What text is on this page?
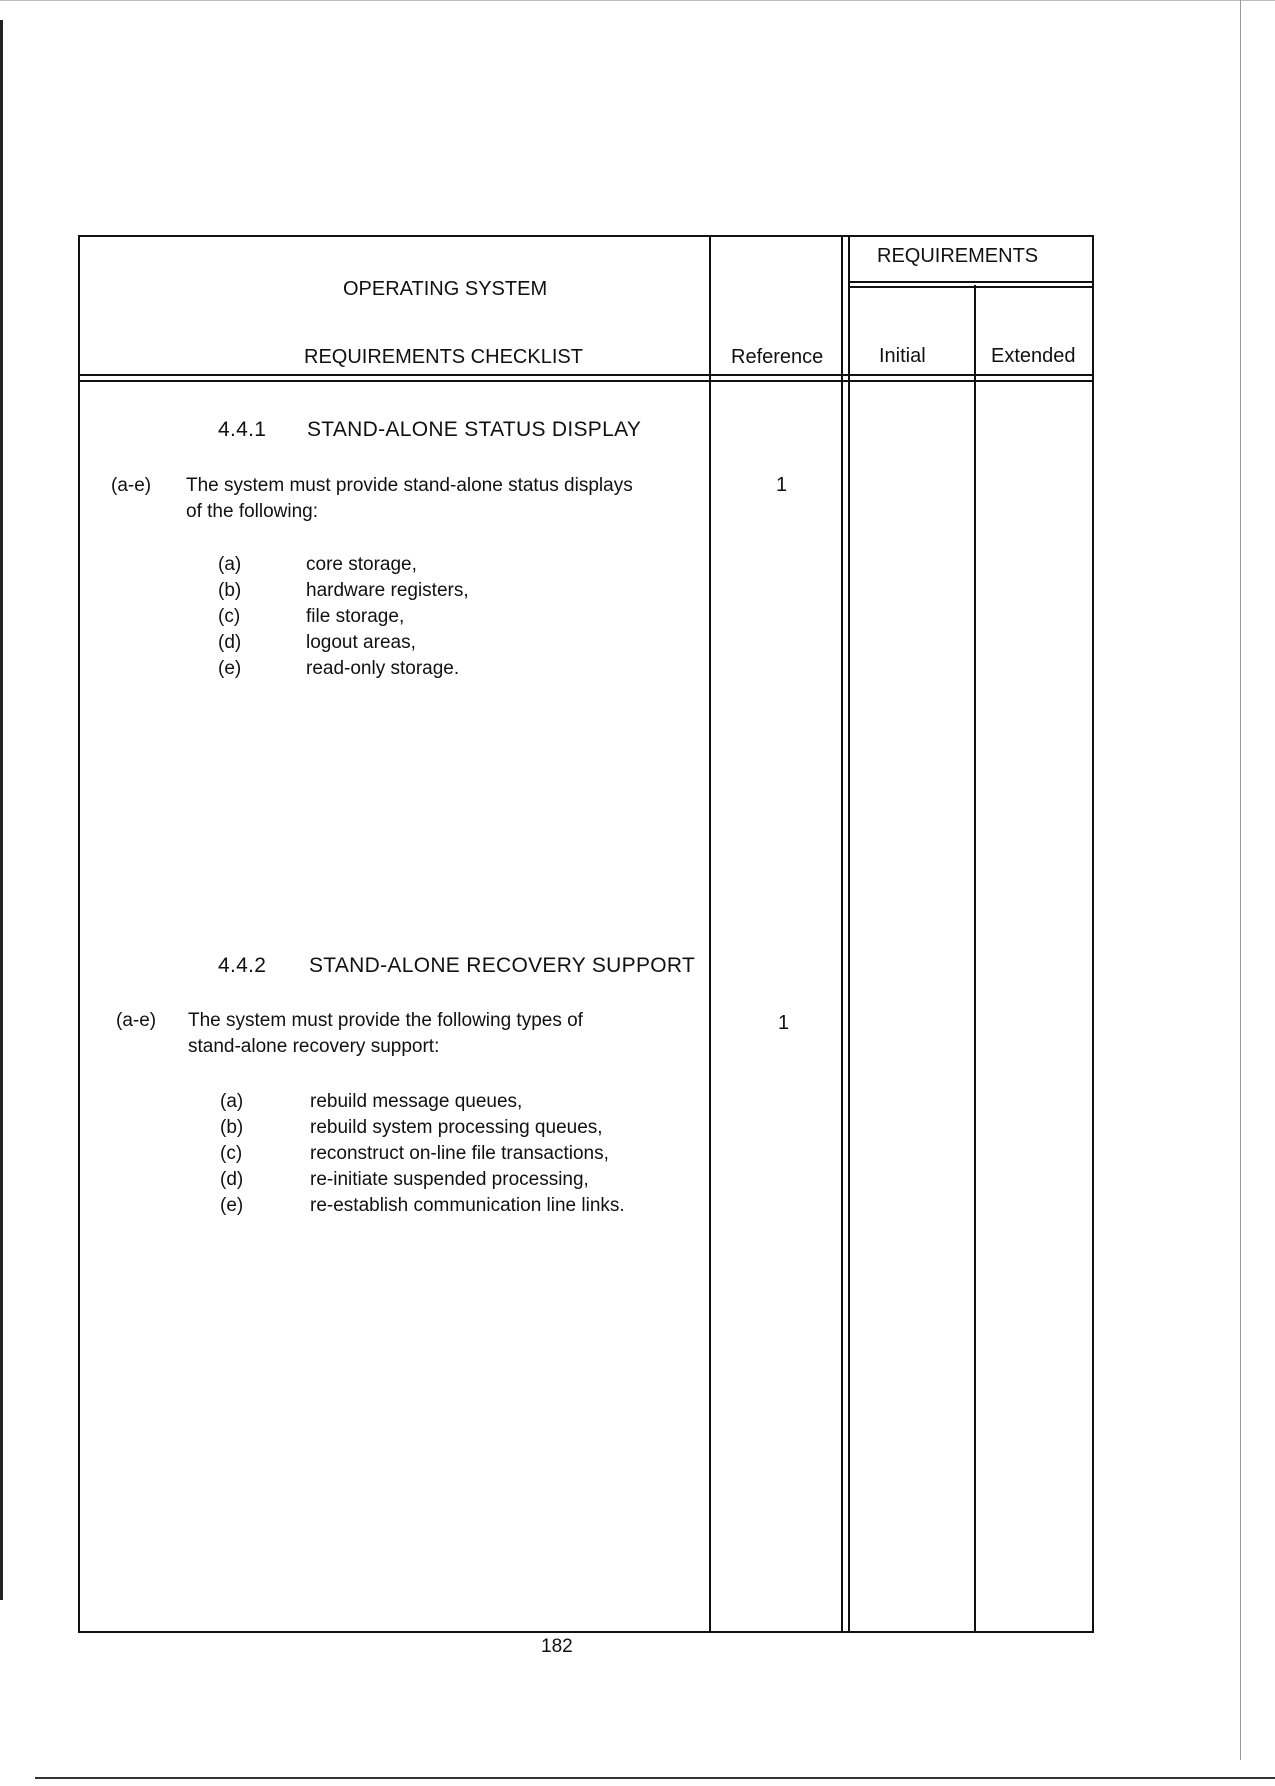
OPERATING SYSTEM
REQUIREMENTS CHECKLIST	Reference
REQUIREMENTS
Initial	Extended
4.4.1 STAND-ALONE STATUS DISPLAY
(a-e) The system must provide stand-alone status displays
of the following:
1
(a)	core storage,
(b)	hardware registers,
(c)	file storage,
(d)	logout areas,
(e)	read-only storage.
4.4.2 STAND-ALONE RECOVERY SUPPORT
(a-e) The system must provide the following types of
stand-alone recovery support:
1
(a)	rebuild message queues,
(b)	rebuild system processing queues,
(c)	reconstruct on-line file transactions,
(d)	re-initiate suspended processing,
(e)	re-establish communication line links.
182
